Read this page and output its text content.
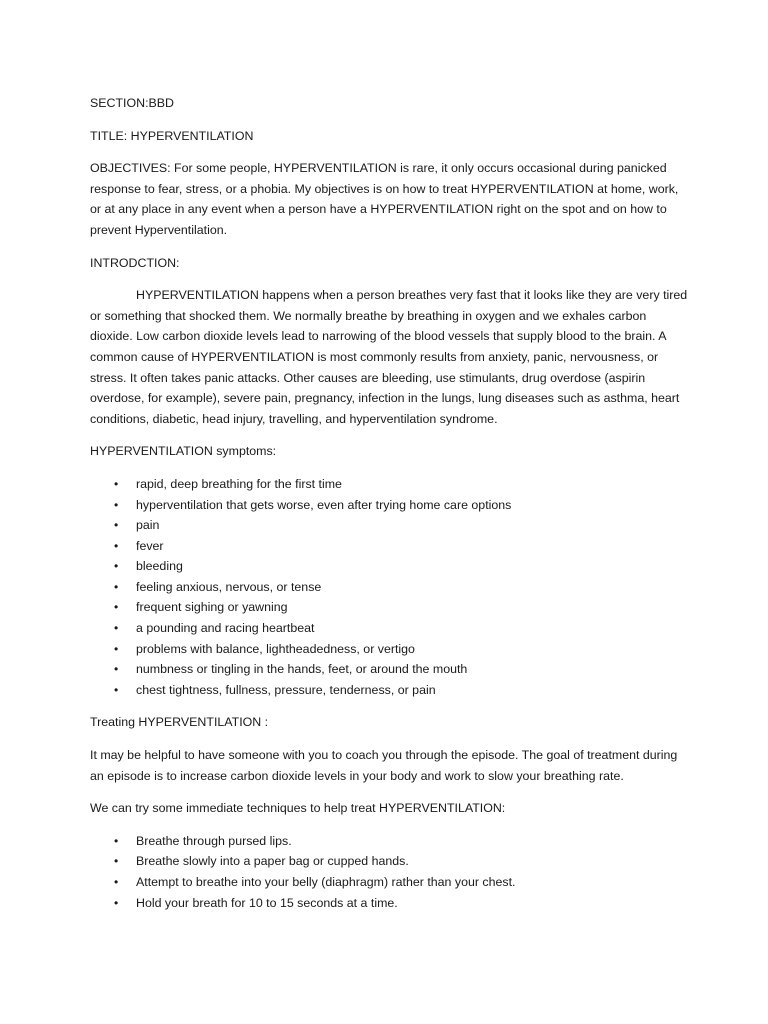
SECTION:BBD

TITLE: HYPERVENTILATION

OBJECTIVES: For some people, HYPERVENTILATION is rare, it only occurs occasional during panicked response to fear, stress, or a phobia. My objectives is on how to treat HYPERVENTILATION at home, work, or at any place in any event when a person have a HYPERVENTILATION right on the spot and on how to prevent Hyperventilation.

INTRODCTION:

HYPERVENTILATION happens when a person breathes very fast that it looks like they are very tired or something that shocked them. We normally breathe by breathing in oxygen and we exhales carbon dioxide. Low carbon dioxide levels lead to narrowing of the blood vessels that supply blood to the brain. A common cause of HYPERVENTILATION is most commonly results from anxiety, panic, nervousness, or stress. It often takes panic attacks. Other causes are bleeding, use stimulants, drug overdose (aspirin overdose, for example), severe pain, pregnancy, infection in the lungs, lung diseases such as asthma, heart conditions, diabetic, head injury, travelling, and hyperventilation syndrome.

HYPERVENTILATION symptoms:

• rapid, deep breathing for the first time
• hyperventilation that gets worse, even after trying home care options
• pain
• fever
• bleeding
• feeling anxious, nervous, or tense
• frequent sighing or yawning
• a pounding and racing heartbeat
• problems with balance, lightheadedness, or vertigo
• numbness or tingling in the hands, feet, or around the mouth
• chest tightness, fullness, pressure, tenderness, or pain

Treating HYPERVENTILATION :

It may be helpful to have someone with you to coach you through the episode. The goal of treatment during an episode is to increase carbon dioxide levels in your body and work to slow your breathing rate.

We can try some immediate techniques to help treat HYPERVENTILATION:

• Breathe through pursed lips.
• Breathe slowly into a paper bag or cupped hands.
• Attempt to breathe into your belly (diaphragm) rather than your chest.
• Hold your breath for 10 to 15 seconds at a time.
